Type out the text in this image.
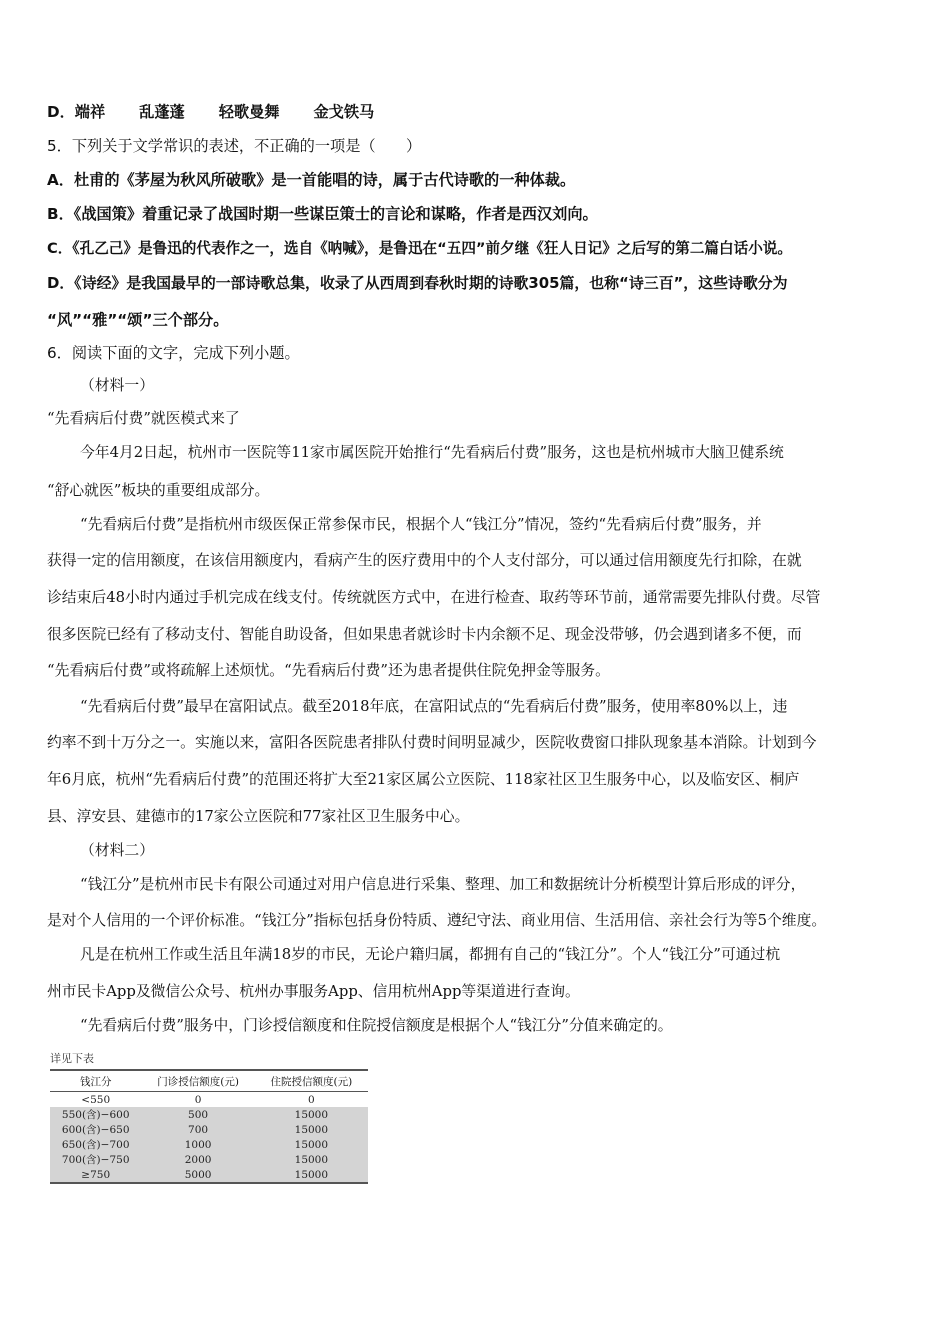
D．端祥 乱蓬蓬 轻歌曼舞 金戈铁马
5．下列关于文学常识的表述，不正确的一项是（　　）
A．杜甫的《茅屋为秋风所破歌》是一首能唱的诗，属于古代诗歌的一种体裁。
B．《战国策》着重记录了战国时期一些谋臣策士的言论和谋略，作者是西汉刘向。
C．《孔乙己》是鲁迅的代表作之一，选自《呐喊》，是鲁迅在“五四”前夕继《狂人日记》之后写的第二篇白话小说。
D．《诗经》是我国最早的一部诗歌总集，收录了从西周到春秋时期的诗歌305篇，也称“诗三百”，这些诗歌分为
“风”“雅”“颂”三个部分。
6．阅读下面的文字，完成下列小题。
（材料一）
“先看病后付费”就医模式来了
今年4月2日起，杭州市一医院等11家市属医院开始推行“先看病后付费”服务，这也是杭州城市大脑卫健系统
“舒心就医”板块的重要组成部分。
“先看病后付费”是指杭州市级医保正常参保市民，根据个人“钱江分”情况，签约“先看病后付费”服务，并
获得一定的信用额度，在该信用额度内，看病产生的医疗费用中的个人支付部分，可以通过信用额度先行扣除，在就
诊结束后48小时内通过手机完成在线支付。传统就医方式中，在进行检查、取药等环节前，通常需要先排队付费。尽管
很多医院已经有了移动支付、智能自助设备，但如果患者就诊时卡内余额不足、现金没带够，仍会遇到诸多不便，而
“先看病后付费”或将疏解上述烦忧。“先看病后付费”还为患者提供住院免押金等服务。
“先看病后付费”最早在富阳试点。截至2018年底，在富阳试点的“先看病后付费”服务，使用率80%以上，违
约率不到十万分之一。实施以来，富阳各医院患者排队付费时间明显减少，医院收费窗口排队现象基本消除。计划到今
年6月底，杭州“先看病后付费”的范围还将扩大至21家区属公立医院、118家社区卫生服务中心，以及临安区、桐庐
县、淳安县、建德市的17家公立医院和77家社区卫生服务中心。
（材料二）
“钱江分”是杭州市民卡有限公司通过对用户信息进行采集、整理、加工和数据统计分析模型计算后形成的评分，
是对个人信用的一个评价标准。“钱江分”指标包括身份特质、遵纪守法、商业用信、生活用信、亲社会行为等5个维度。
凡是在杭州工作或生活且年满18岁的市民，无论户籍归属，都拥有自己的“钱江分”。个人“钱江分”可通过杭
州市民卡App及微信公众号、杭州办事服务App、信用杭州App等渠道进行查询。
“先看病后付费”服务中，门诊授信额度和住院授信额度是根据个人“钱江分”分值来确定的。
详见下表
钱江分	门诊授信额度(元)	住院授信额度(元)
<550	0	0
550(含)−600	500	15000
600(含)−650	700	15000
650(含)−700	1000	15000
700(含)−750	2000	15000
≥750	5000	15000
